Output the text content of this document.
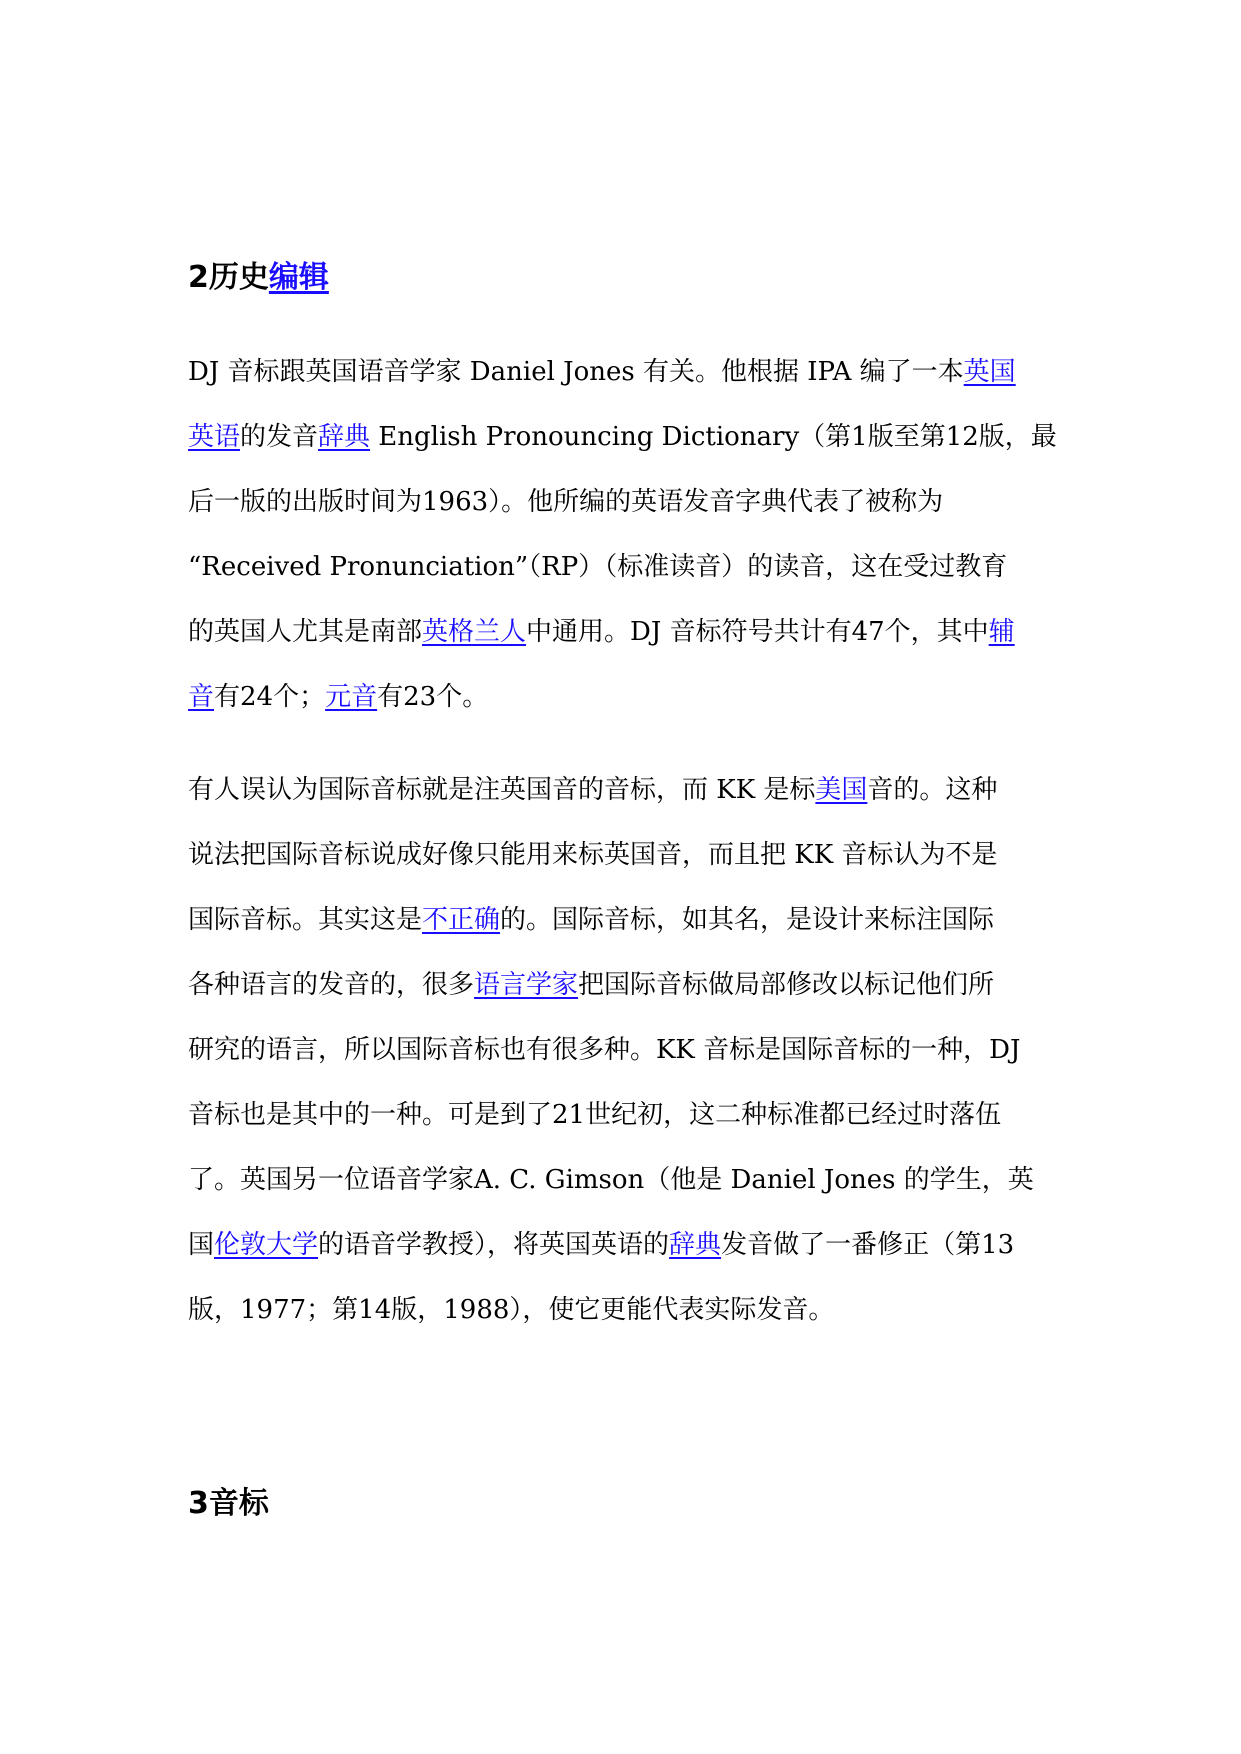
2历史编辑

DJ 音标跟英国语音学家 Daniel Jones 有关。他根据 IPA 编了一本英国
英语的发音辞典 English Pronouncing Dictionary（第1版至第12版，最
后一版的出版时间为1963）。他所编的英语发音字典代表了被称为
“Received Pronunciation”（RP）（标准读音）的读音，这在受过教育
的英国人尤其是南部英格兰人中通用。DJ 音标符号共计有47个，其中辅
音有24个；元音有23个。

有人误认为国际音标就是注英国音的音标，而 KK 是标美国音的。这种
说法把国际音标说成好像只能用来标英国音，而且把 KK 音标认为不是
国际音标。其实这是不正确的。国际音标，如其名，是设计来标注国际
各种语言的发音的，很多语言学家把国际音标做局部修改以标记他们所
研究的语言，所以国际音标也有很多种。KK 音标是国际音标的一种，DJ
音标也是其中的一种。可是到了21世纪初，这二种标准都已经过时落伍
了。英国另一位语音学家A. C. Gimson（他是 Daniel Jones 的学生，英
国伦敦大学的语音学教授），将英国英语的辞典发音做了一番修正（第13
版，1977；第14版，1988），使它更能代表实际发音。

3音标
